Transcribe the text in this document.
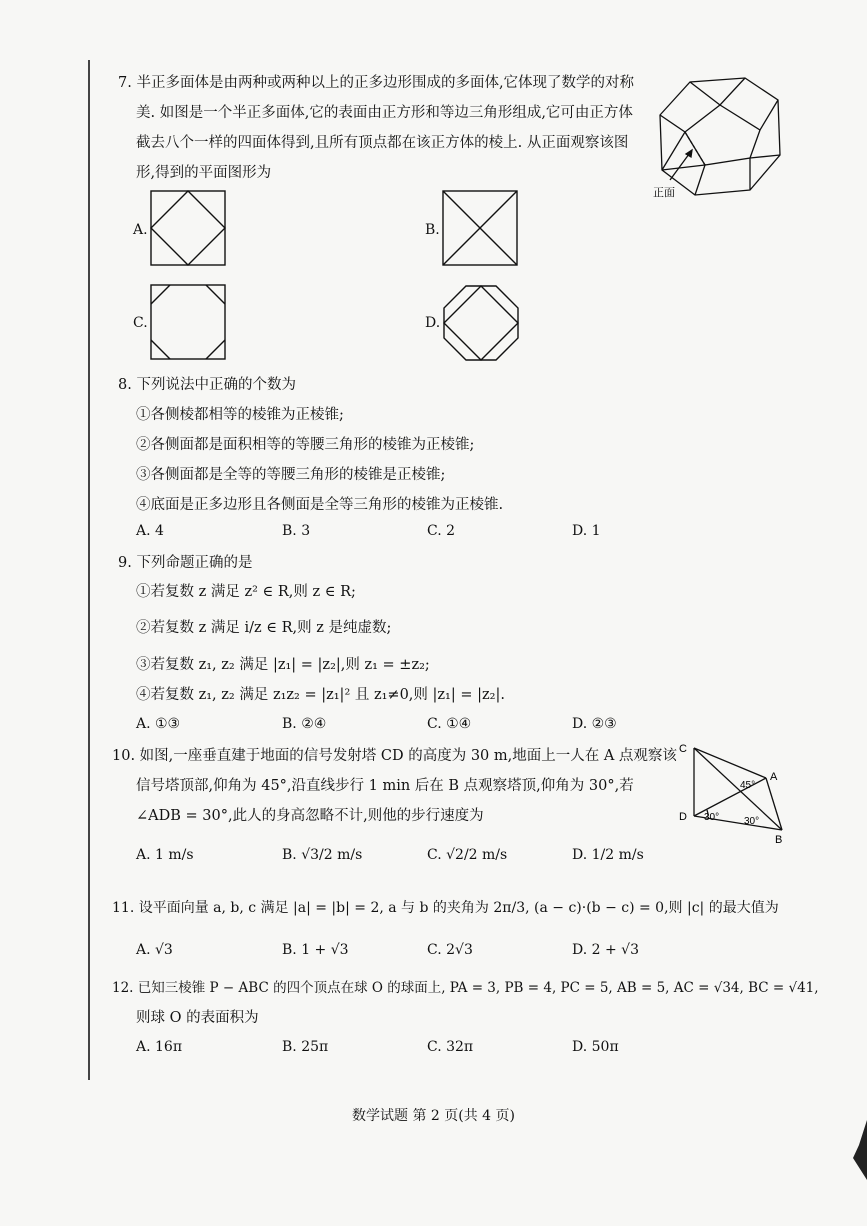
7. 半正多面体是由两种或两种以上的正多边形围成的多面体,它体现了数学的对称
美. 如图是一个半正多面体,它的表面由正方形和等边三角形组成,它可由正方体
截去八个一样的四面体得到,且所有顶点都在该正方体的棱上. 从正面观察该图
形,得到的平面图形为
正面
A.	B.
C.	D.
8. 下列说法中正确的个数为
①各侧棱都相等的棱锥为正棱锥;
②各侧面都是面积相等的等腰三角形的棱锥为正棱锥;
③各侧面都是全等的等腰三角形的棱锥是正棱锥;
④底面是正多边形且各侧面是全等三角形的棱锥为正棱锥.
A. 4	B. 3	C. 2	D. 1
9. 下列命题正确的是
①若复数 z 满足 z² ∈ R,则 z ∈ R;
②若复数 z 满足 i/z ∈ R,则 z 是纯虚数;
③若复数 z₁, z₂ 满足 |z₁| = |z₂|,则 z₁ = ±z₂;
④若复数 z₁, z₂ 满足 z₁z₂ = |z₁|² 且 z₁≠0,则 |z₁| = |z₂|.
A. ①③	B. ②④	C. ①④	D. ②③
10. 如图,一座垂直建于地面的信号发射塔 CD 的高度为 30 m,地面上一人在 A 点观察该
信号塔顶部,仰角为 45°,沿直线步行 1 min 后在 B 点观察塔顶,仰角为 30°,若
∠ADB = 30°,此人的身高忽略不计,则他的步行速度为
C
A
D
B
45°
30° 30°
A. 1 m/s	B. √3/2 m/s	C. √2/2 m/s	D. 1/2 m/s
11. 设平面向量 a, b, c 满足 |a| = |b| = 2, a 与 b 的夹角为 2π/3, (a − c)·(b − c) = 0,则 |c| 的最大值为
A. √3	B. 1 + √3	C. 2√3	D. 2 + √3
12. 已知三棱锥 P − ABC 的四个顶点在球 O 的球面上, PA = 3, PB = 4, PC = 5, AB = 5, AC = √34, BC = √41,
则球 O 的表面积为
A. 16π	B. 25π	C. 32π	D. 50π
数学试题 第 2 页(共 4 页)
